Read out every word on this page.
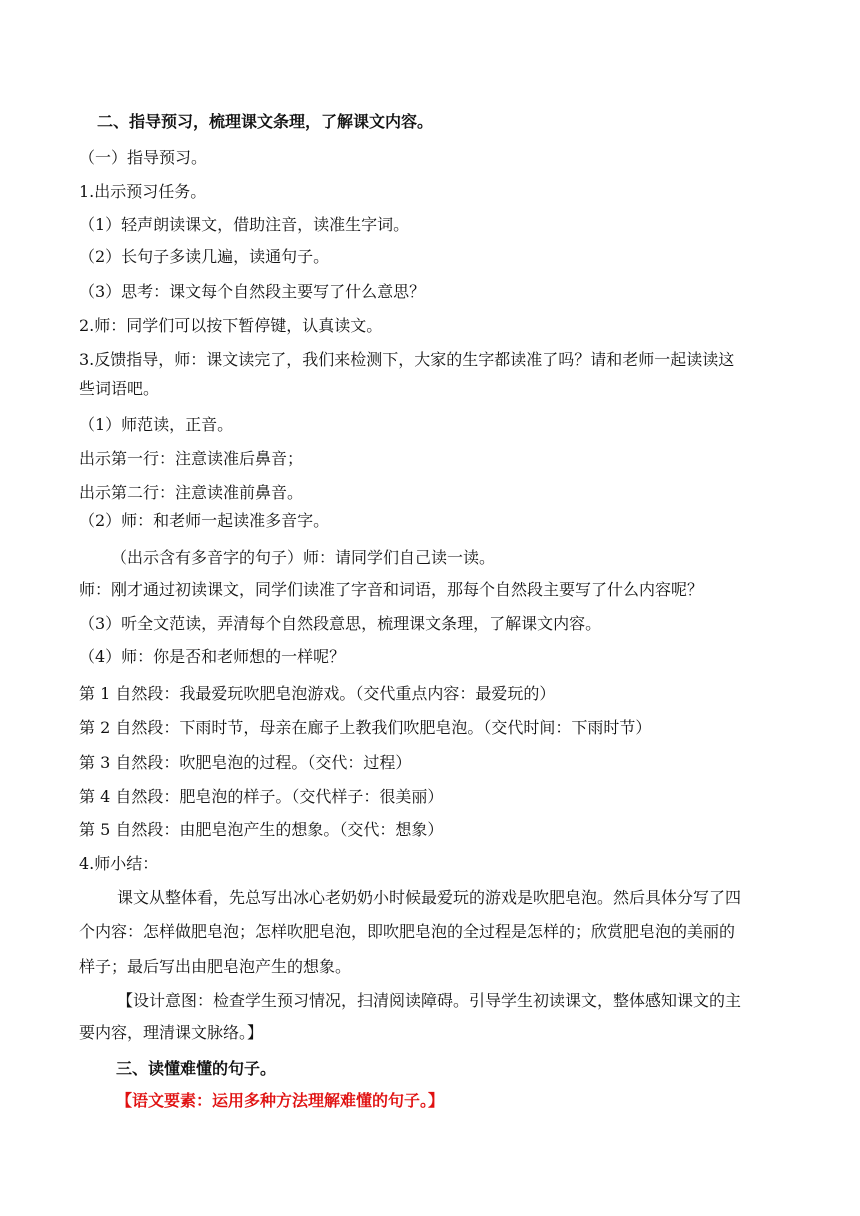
二、指导预习，梳理课文条理，了解课文内容。
（一）指导预习。
1.出示预习任务。
（1）轻声朗读课文，借助注音，读准生字词。
（2）长句子多读几遍，读通句子。
（3）思考：课文每个自然段主要写了什么意思？
2.师：同学们可以按下暂停键，认真读文。
3.反馈指导，师：课文读完了，我们来检测下，大家的生字都读准了吗？请和老师一起读读这
些词语吧。
（1）师范读，正音。
出示第一行：注意读准后鼻音；
出示第二行：注意读准前鼻音。
（2）师：和老师一起读准多音字。
（出示含有多音字的句子）师：请同学们自己读一读。
师：刚才通过初读课文，同学们读准了字音和词语，那每个自然段主要写了什么内容呢？
（3）听全文范读，弄清每个自然段意思，梳理课文条理，了解课文内容。
（4）师：你是否和老师想的一样呢？
第 1 自然段：我最爱玩吹肥皂泡游戏。（交代重点内容：最爱玩的）
第 2 自然段：下雨时节，母亲在廊子上教我们吹肥皂泡。（交代时间：下雨时节）
第 3 自然段：吹肥皂泡的过程。（交代：过程）
第 4 自然段：肥皂泡的样子。（交代样子：很美丽）
第 5 自然段：由肥皂泡产生的想象。（交代：想象）
4.师小结：
课文从整体看，先总写出冰心老奶奶小时候最爱玩的游戏是吹肥皂泡。然后具体分写了四
个内容：怎样做肥皂泡；怎样吹肥皂泡，即吹肥皂泡的全过程是怎样的；欣赏肥皂泡的美丽的
样子；最后写出由肥皂泡产生的想象。
【设计意图：检查学生预习情况，扫清阅读障碍。引导学生初读课文，整体感知课文的主
要内容，理清课文脉络。】
三、读懂难懂的句子。
【语文要素：运用多种方法理解难懂的句子。】
